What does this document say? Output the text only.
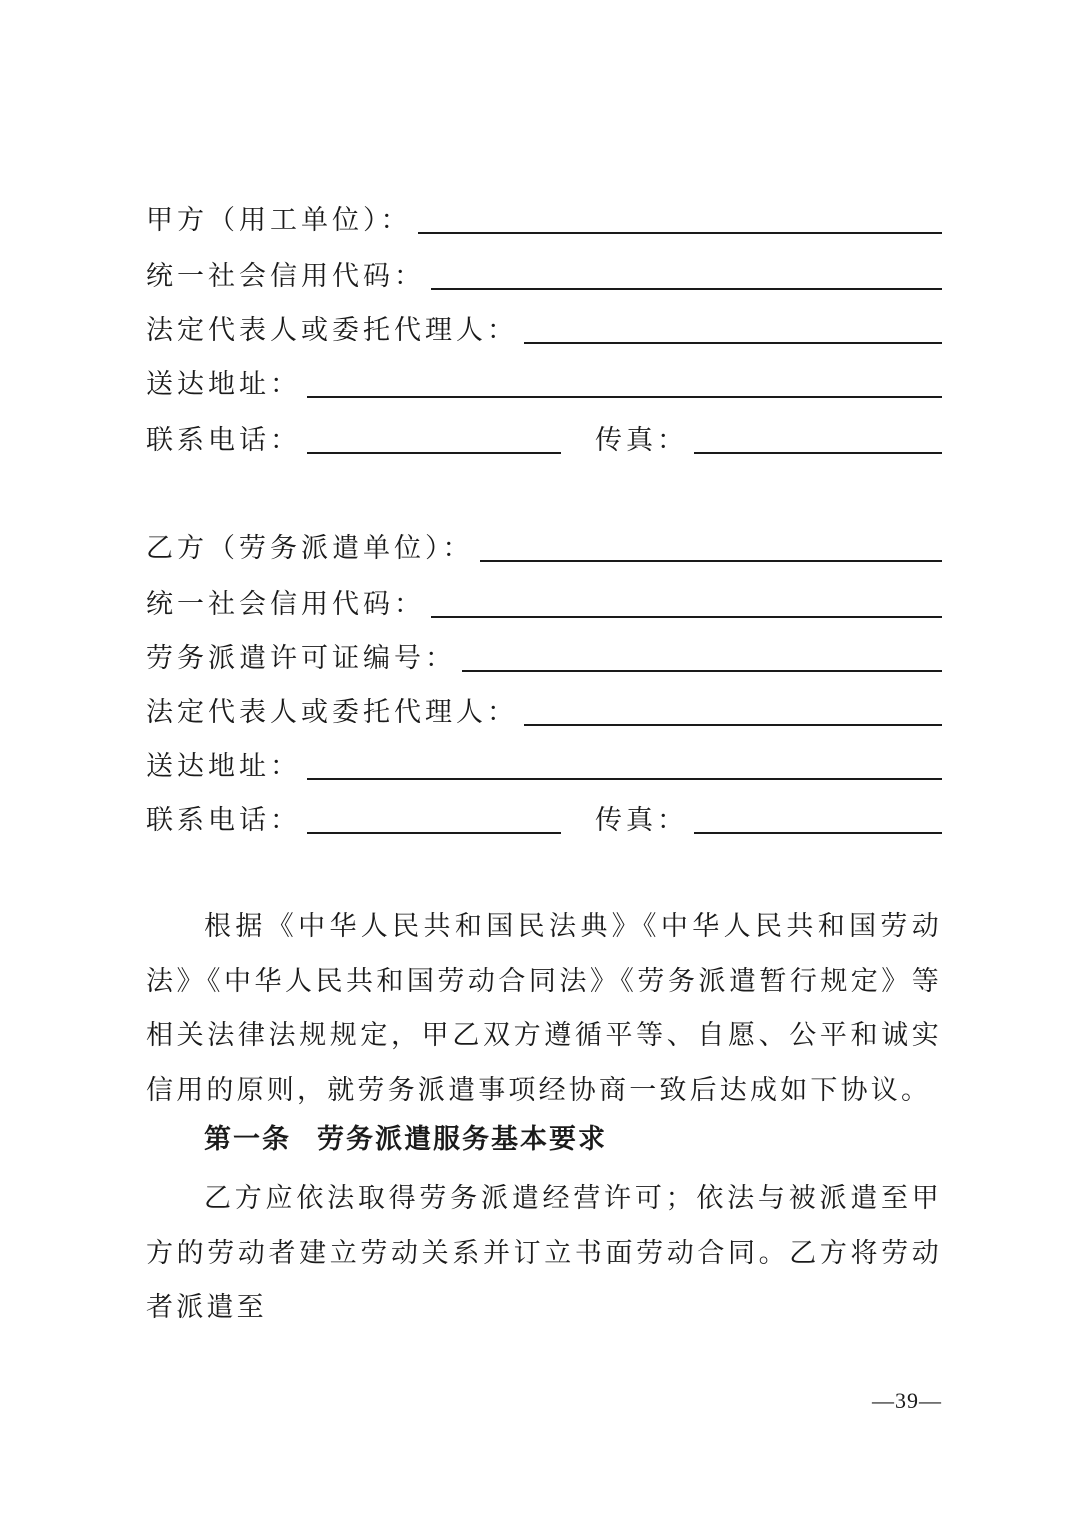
甲方（用工单位）：
统一社会信用代码：
法定代表人或委托代理人：
送达地址：
联系电话：	传真：
乙方（劳务派遣单位）：
统一社会信用代码：
劳务派遣许可证编号：
法定代表人或委托代理人：
送达地址：
联系电话：	传真：

根据《中华人民共和国民法典》《中华人民共和国劳动法》《中华人民共和国劳动合同法》《劳务派遣暂行规定》等相关法律法规规定，甲乙双方遵循平等、自愿、公平和诚实信用的原则，就劳务派遣事项经协商一致后达成如下协议。

第一条 劳务派遣服务基本要求

乙方应依法取得劳务派遣经营许可；依法与被派遣至甲方的劳动者建立劳动关系并订立书面劳动合同。乙方将劳动者派遣至

—39—
